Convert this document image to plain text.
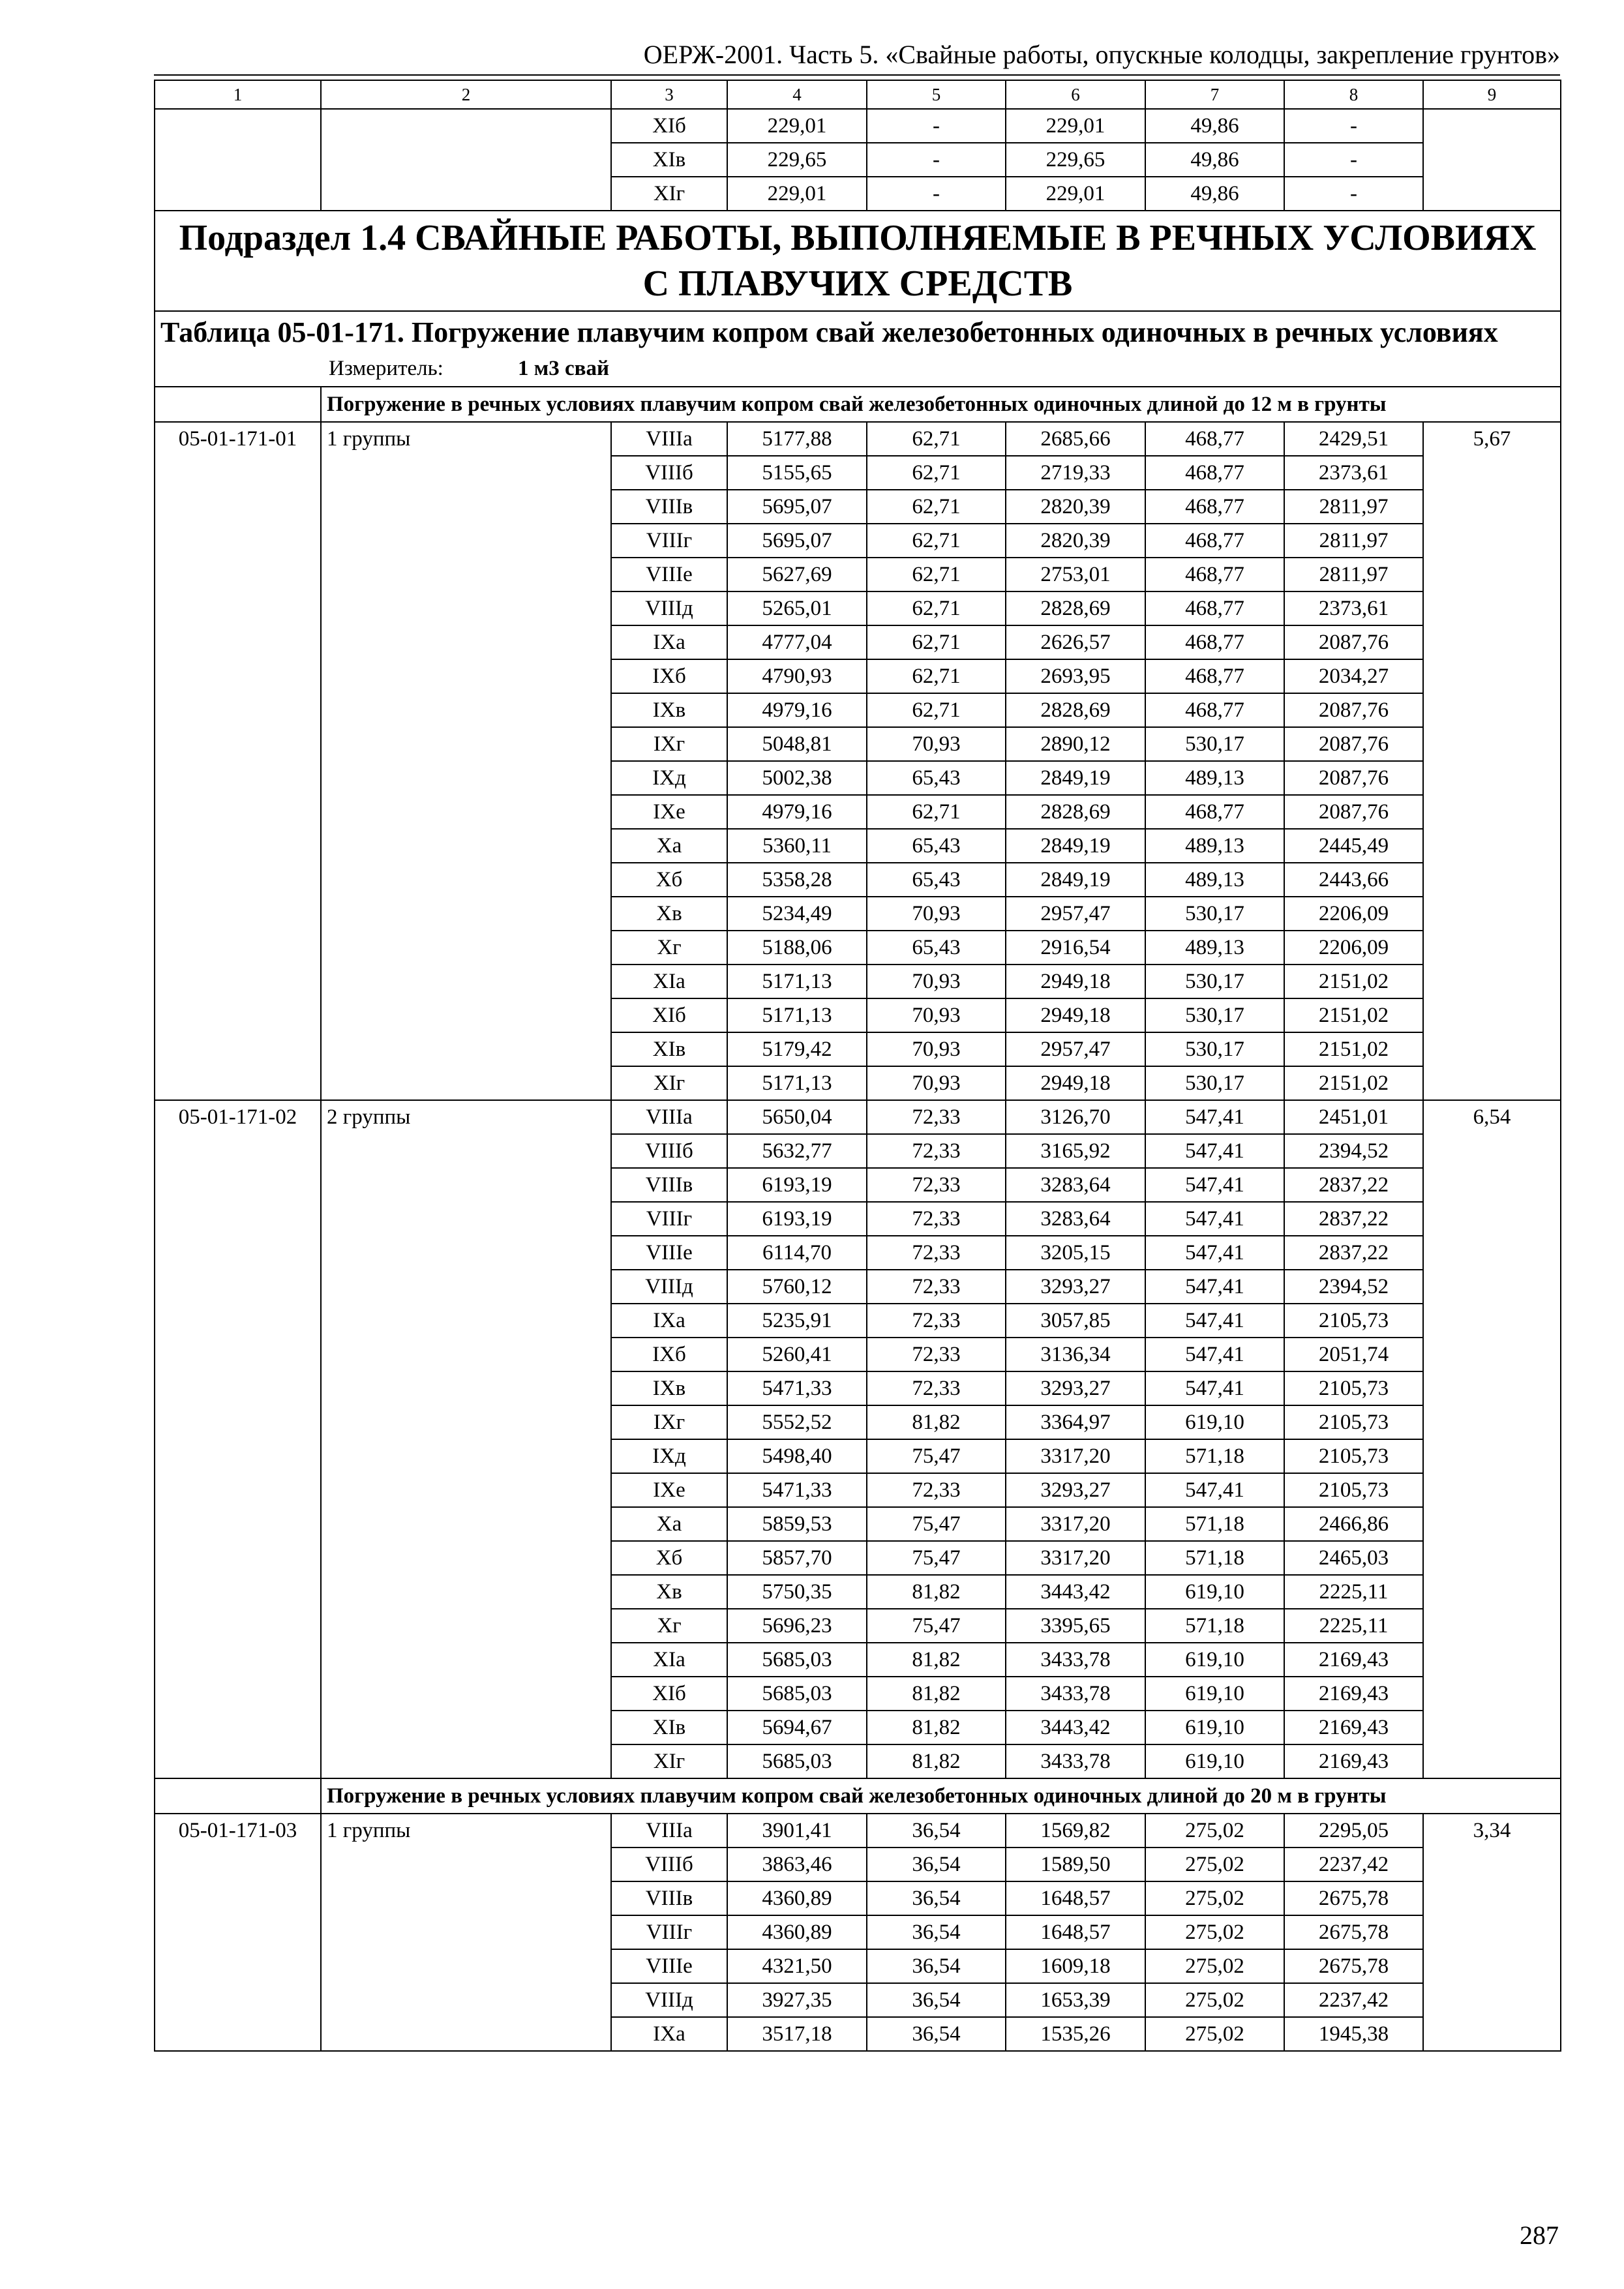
ОЕРЖ-2001. Часть 5. «Свайные работы, опускные колодцы, закрепление грунтов»
1	2	3	4	5	6	7	8	9
		XIб	229,01	-	229,01	49,86	-	
		XIв	229,65	-	229,65	49,86	-	
		XIг	229,01	-	229,01	49,86	-	
Подраздел 1.4 СВАЙНЫЕ РАБОТЫ, ВЫПОЛНЯЕМЫЕ В РЕЧНЫХ УСЛОВИЯХ С ПЛАВУЧИХ СРЕДСТВ								

Таблица 05-01-171. Погружение плавучим копром свай железобетонных одиночных в речных условиях
Измеритель: 1 м3 свай								

	Погружение в речных условиях плавучим копром свай железобетонных одиночных длиной до 12 м в грунты							
05-01-171-01	1 группы	VIIIа	5177,88	62,71	2685,66	468,77	2429,51	5,67
		VIIIб	5155,65	62,71	2719,33	468,77	2373,61	
		VIIIв	5695,07	62,71	2820,39	468,77	2811,97	
		VIIIг	5695,07	62,71	2820,39	468,77	2811,97	
		VIIIе	5627,69	62,71	2753,01	468,77	2811,97	
		VIIIд	5265,01	62,71	2828,69	468,77	2373,61	
		IXа	4777,04	62,71	2626,57	468,77	2087,76	
		IXб	4790,93	62,71	2693,95	468,77	2034,27	
		IXв	4979,16	62,71	2828,69	468,77	2087,76	
		IXг	5048,81	70,93	2890,12	530,17	2087,76	
		IXд	5002,38	65,43	2849,19	489,13	2087,76	
		IXе	4979,16	62,71	2828,69	468,77	2087,76	
		Xа	5360,11	65,43	2849,19	489,13	2445,49	
		Xб	5358,28	65,43	2849,19	489,13	2443,66	
		Xв	5234,49	70,93	2957,47	530,17	2206,09	
		Xг	5188,06	65,43	2916,54	489,13	2206,09	
		XIа	5171,13	70,93	2949,18	530,17	2151,02	
		XIб	5171,13	70,93	2949,18	530,17	2151,02	
		XIв	5179,42	70,93	2957,47	530,17	2151,02	
		XIг	5171,13	70,93	2949,18	530,17	2151,02	
05-01-171-02	2 группы	VIIIа	5650,04	72,33	3126,70	547,41	2451,01	6,54
		VIIIб	5632,77	72,33	3165,92	547,41	2394,52	
		VIIIв	6193,19	72,33	3283,64	547,41	2837,22	
		VIIIг	6193,19	72,33	3283,64	547,41	2837,22	
		VIIIе	6114,70	72,33	3205,15	547,41	2837,22	
		VIIIд	5760,12	72,33	3293,27	547,41	2394,52	
		IXа	5235,91	72,33	3057,85	547,41	2105,73	
		IXб	5260,41	72,33	3136,34	547,41	2051,74	
		IXв	5471,33	72,33	3293,27	547,41	2105,73	
		IXг	5552,52	81,82	3364,97	619,10	2105,73	
		IXд	5498,40	75,47	3317,20	571,18	2105,73	
		IXе	5471,33	72,33	3293,27	547,41	2105,73	
		Xа	5859,53	75,47	3317,20	571,18	2466,86	
		Xб	5857,70	75,47	3317,20	571,18	2465,03	
		Xв	5750,35	81,82	3443,42	619,10	2225,11	
		Xг	5696,23	75,47	3395,65	571,18	2225,11	
		XIа	5685,03	81,82	3433,78	619,10	2169,43	
		XIб	5685,03	81,82	3433,78	619,10	2169,43	
		XIв	5694,67	81,82	3443,42	619,10	2169,43	
		XIг	5685,03	81,82	3433,78	619,10	2169,43	
	Погружение в речных условиях плавучим копром свай железобетонных одиночных длиной до 20 м в грунты							
05-01-171-03	1 группы	VIIIа	3901,41	36,54	1569,82	275,02	2295,05	3,34
		VIIIб	3863,46	36,54	1589,50	275,02	2237,42	
		VIIIв	4360,89	36,54	1648,57	275,02	2675,78	
		VIIIг	4360,89	36,54	1648,57	275,02	2675,78	
		VIIIе	4321,50	36,54	1609,18	275,02	2675,78	
		VIIIд	3927,35	36,54	1653,39	275,02	2237,42	
		IXа	3517,18	36,54	1535,26	275,02	1945,38	
287
